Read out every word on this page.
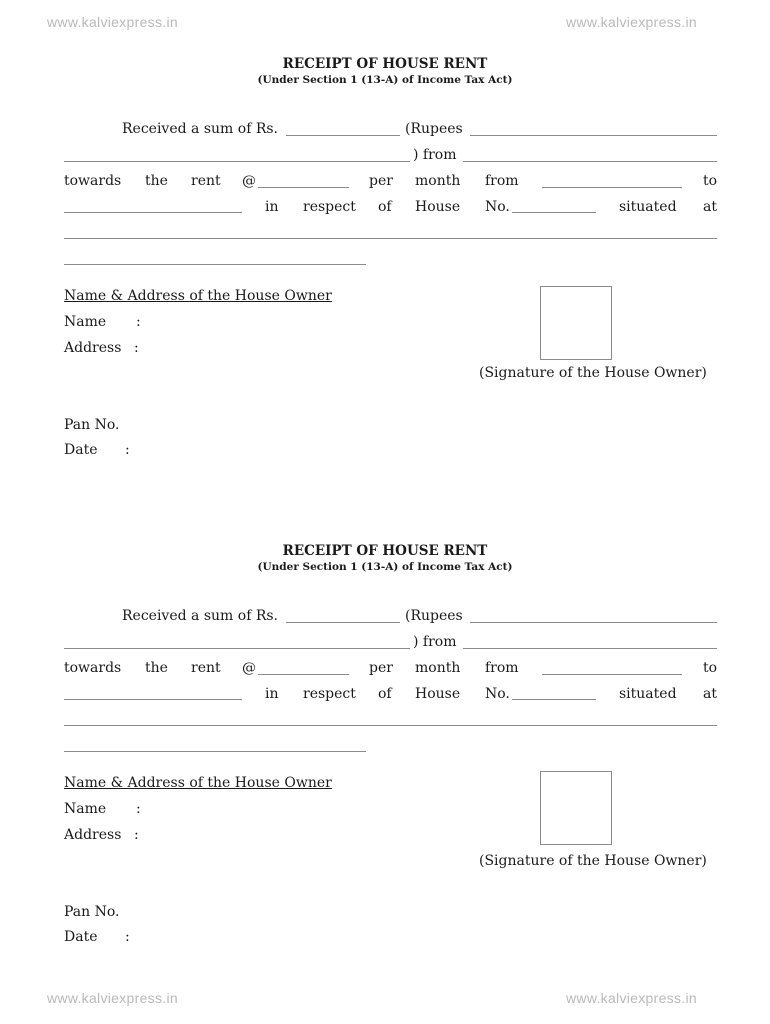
www.kalviexpress.in	www.kalviexpress.in
www.kalviexpress.in	www.kalviexpress.in
RECEIPT OF HOUSE RENT
(Under Section 1 (13-A) of Income Tax Act)
Received a sum of Rs.	(Rupees
) from
towards the rent @	per month from	to
in respect of House No.	situated at
Name & Address of the House Owner
Name :
Address :
(Signature of the House Owner)
Pan No.
Date :
RECEIPT OF HOUSE RENT
(Under Section 1 (13-A) of Income Tax Act)
Received a sum of Rs.	(Rupees
) from
towards the rent @	per month from	to
in respect of House No.	situated at
Name & Address of the House Owner
Name :
Address :
(Signature of the House Owner)
Pan No.
Date :
